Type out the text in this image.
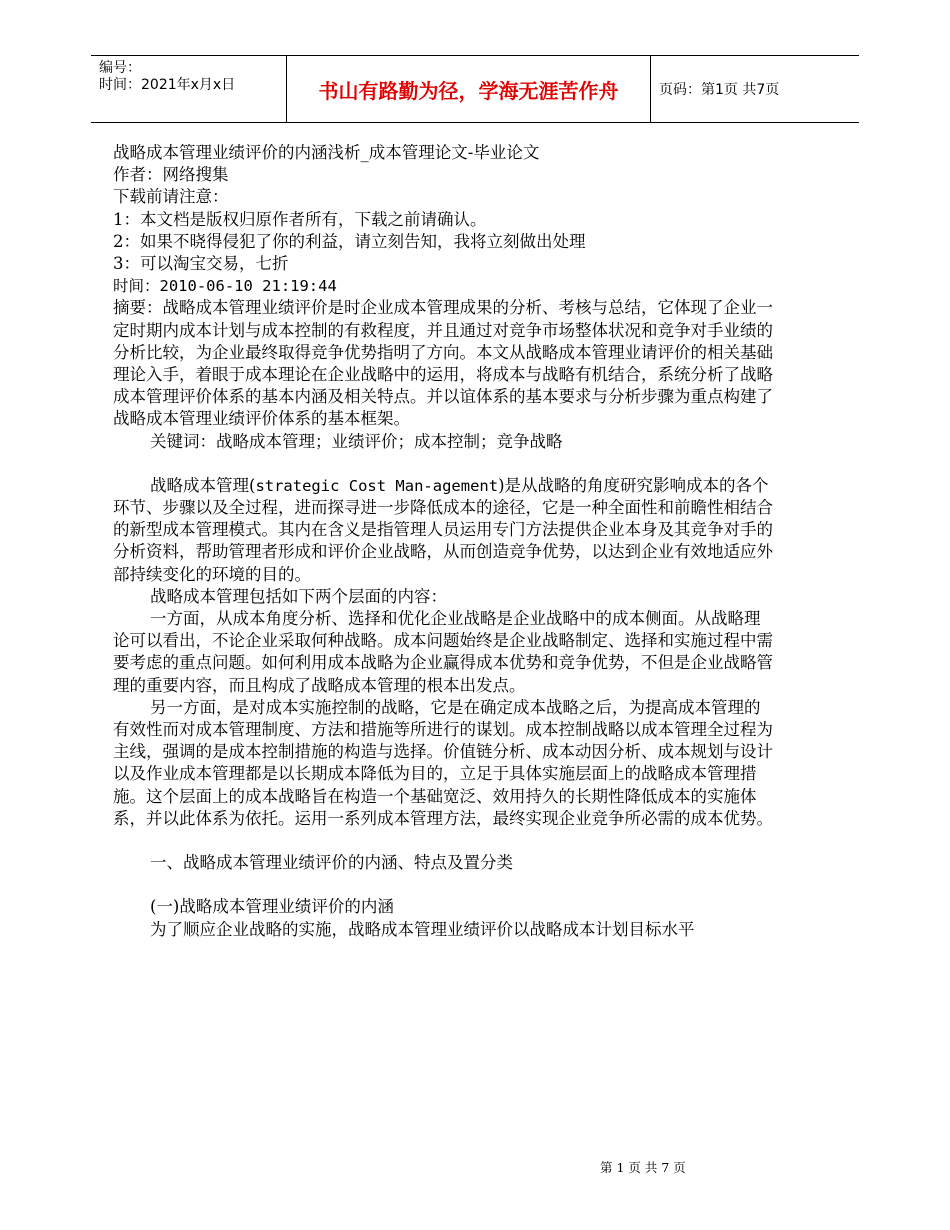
编号：
时间：2021年x月x日	书山有路勤为径，学海无涯苦作舟	页码：第1页 共7页

战略成本管理业绩评价的内涵浅析_成本管理论文-毕业论文

作者：网络搜集

下载前请注意：

1：本文档是版权归原作者所有，下载之前请确认。

2：如果不晓得侵犯了你的利益，请立刻告知，我将立刻做出处理

3：可以淘宝交易，七折

时间：2010-06-10 21:19:44

摘要：战略成本管理业绩评价是时企业成本管理成果的分析、考核与总结，它体现了企业一定时期内成本计划与成本控制的有救程度，并且通过对竞争市场整体状况和竞争对手业绩的分析比较，为企业最终取得竞争优势指明了方向。本文从战略成本管理业请评价的相关基础理论入手，着眼于成本理论在企业战略中的运用，将成本与战略有机结合，系统分析了战略成本管理评价体系的基本内涵及相关特点。并以谊体系的基本要求与分析步骤为重点构建了战略成本管理业绩评价体系的基本框架。

关键词：战略成本管理；业绩评价；成本控制；竞争战略

战略成本管理(strategic Cost Man-agement)是从战略的角度研究影响成本的各个环节、步骤以及全过程，进而探寻进一步降低成本的途径，它是一种全面性和前瞻性相结合的新型成本管理模式。其内在含义是指管理人员运用专门方法提供企业本身及其竞争对手的分析资料，帮助管理者形成和评价企业战略，从而创造竞争优势，以达到企业有效地适应外部持续变化的环境的目的。

战略成本管理包括如下两个层面的内容：

一方面，从成本角度分析、选择和优化企业战略是企业战略中的成本侧面。从战略理论可以看出，不论企业采取何种战略。成本问题始终是企业战略制定、选择和实施过程中需要考虑的重点问题。如何利用成本战略为企业赢得成本优势和竞争优势，不但是企业战略管理的重要内容，而且构成了战略成本管理的根本出发点。

另一方面，是对成本实施控制的战略，它是在确定成本战略之后，为提高成本管理的有效性而对成本管理制度、方法和措施等所进行的谋划。成本控制战略以成本管理全过程为主线，强调的是成本控制措施的构造与选择。价值链分析、成本动因分析、成本规划与设计以及作业成本管理都是以长期成本降低为目的，立足于具体实施层面上的战略成本管理措施。这个层面上的成本战略旨在构造一个基础宽泛、效用持久的长期性降低成本的实施体系，并以此体系为依托。运用一系列成本管理方法，最终实现企业竞争所必需的成本优势。

一、战略成本管理业绩评价的内涵、特点及置分类

(一)战略成本管理业绩评价的内涵

为了顺应企业战略的实施，战略成本管理业绩评价以战略成本计划目标水平

第 1 页 共 7 页
